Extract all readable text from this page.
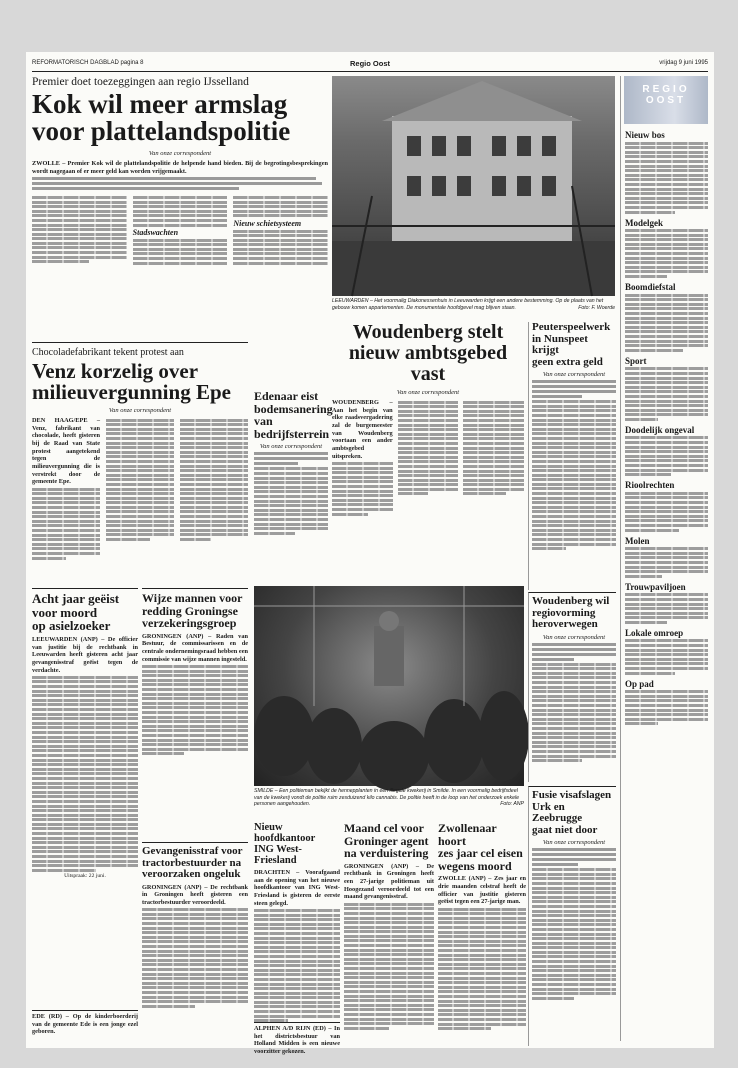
REFORMATORISCH DAGBLAD pagina 8	Regio Oost	vrijdag 9 juni 1995
Premier doet toezeggingen aan regio IJsselland
Kok wil meer armslag
voor plattelandspolitie
Van onze correspondent
ZWOLLE – Premier Kok wil de plattelandspolitie de helpende hand bieden. Bij de begrotingsbesprekingen wordt nagegaan of er meer geld kan worden vrijgemaakt.
Stadswachten
Nieuw schietsysteem
LEEUWARDEN – Het voormalig Diakonessenhuis in Leeuwarden krijgt een andere bestemming. Op de plaats van het gebouw komen appartementen. De monumentale hoofdgevel mag blijven staan.	Foto: F. Woerde
REGIO OOST
Nieuw bos
Modelgek
Boomdiefstal
Sport
Doodelijk ongeval
Rioolrechten
Molen
Trouwpaviljoen
Lokale omroep
Op pad
Chocoladefabrikant tekent protest aan
Venz korzelig over
milieuvergunning Epe
Van onze correspondent
DEN HAAG/EPE – Venz, fabrikant van chocolade, heeft gisteren bij de Raad van State protest aangetekend tegen de milieuvergunning die is verstrekt door de gemeente Epe.
Edenaar eist
bodemsanering
van bedrijfsterrein
Van onze correspondent
Woudenberg stelt
nieuw ambtsgebed vast
Van onze correspondent
WOUDENBERG – Aan het begin van elke raadsvergadering zal de burgemeester van Woudenberg voortaan een ander ambtsgebed uitspreken.
Peuterspeelwerk
in Nunspeet krijgt
geen extra geld
Van onze correspondent
SMILDE – Een politieman bekijkt de hennepplanten in een illegale kwekerij in Smilde. In een voormalig bedrijfsdeel van de kwekerij vondt de politie ruim zesduizend kilo cannabis. De politie heeft in de loop van het onderzoek enkele personen aangehouden.	Foto: ANP
Woudenberg wil
regiovorming
heroverwegen
Van onze correspondent
Acht jaar geëist
voor moord
op asielzoeker
LEEUWARDEN (ANP) – De officier van justitie bij de rechtbank in Leeuwarden heeft gisteren acht jaar gevangenisstraf geëist tegen de verdachte.
Uitspraak: 22 juni.
EDE (RD) – Op de kinderboerderij van de gemeente Ede is een jonge ezel geboren.
Wijze mannen voor
redding Groningse
verzekeringsgroep
GRONINGEN (ANP) – Raden van Bestuur, de commissarissen en de centrale ondernemingsraad hebben een commissie van wijze mannen ingesteld.
Gevangenisstraf voor
tractorbestuurder na
veroorzaken ongeluk
GRONINGEN (ANP) – De rechtbank in Groningen heeft gisteren een tractorbestuurder veroordeeld.
Nieuw hoofdkantoor
ING West-Friesland
DRACHTEN – Voorafgaand aan de opening van het nieuwe hoofdkantoor van ING West-Friesland is gisteren de eerste steen gelegd.
ALPHEN A/D RIJN (ED) – In het districtsbestuur van Holland Midden is een nieuwe voorzitter gekozen.
Maand cel voor
Groninger agent
na verduistering
GRONINGEN (ANP) – De rechtbank in Groningen heeft een 27-jarige politieman uit Hoogezand veroordeeld tot een maand gevangenisstraf.
Zwollenaar hoort
zes jaar cel eisen
wegens moord
ZWOLLE (ANP) – Zes jaar en drie maanden celstraf heeft de officier van justitie gisteren geëist tegen een 27-jarige man.
Fusie visafslagen
Urk en Zeebrugge
gaat niet door
Van onze correspondent
